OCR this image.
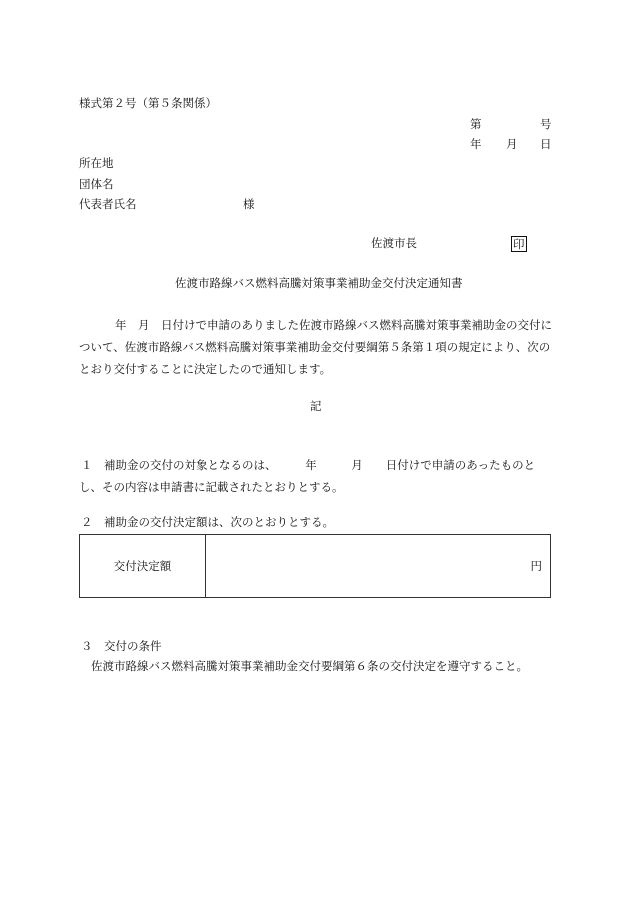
様式第２号（第５条関係）
第	号
年 月 日
所在地
団体名
代表者氏名	様
佐渡市長	印
佐渡市路線バス燃料高騰対策事業補助金交付決定通知書
年　月　日付けで申請のありました佐渡市路線バス燃料高騰対策事業補助金の交付について、佐渡市路線バス燃料高騰対策事業補助金交付要綱第５条第１項の規定により、次のとおり交付することに決定したので通知します。
記
１　補助金の交付の対象となるのは、　　　年　　　月　　日付けで申請のあったものとし、その内容は申請書に記載されたとおりとする。
２　補助金の交付決定額は、次のとおりとする。
交付決定額	円
３　交付の条件
佐渡市路線バス燃料高騰対策事業補助金交付要綱第６条の交付決定を遵守すること。
